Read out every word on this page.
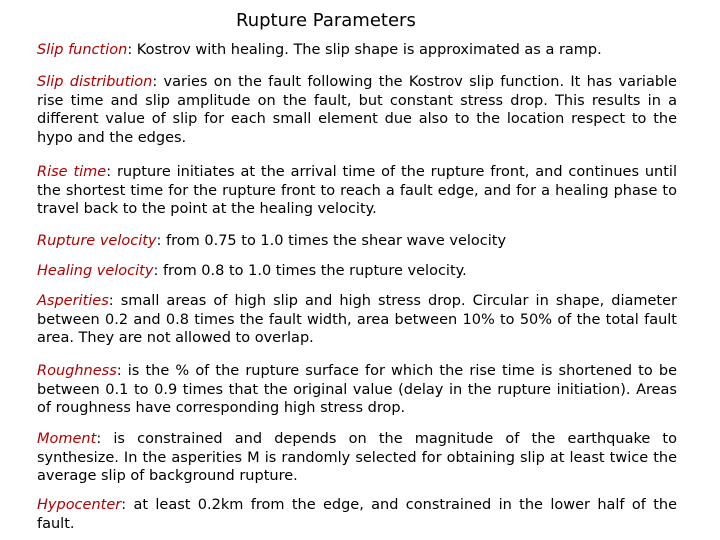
Rupture Parameters

Slip function: Kostrov with healing. The slip shape is approximated as a ramp.

Slip distribution: varies on the fault following the Kostrov slip function. It has variable rise time and slip amplitude on the fault, but constant stress drop. This results in a different value of slip for each small element due also to the location respect to the hypo and the edges.

Rise time: rupture initiates at the arrival time of the rupture front, and continues until the shortest time for the rupture front to reach a fault edge, and for a healing phase to travel back to the point at the healing velocity.

Rupture velocity: from 0.75 to 1.0 times the shear wave velocity

Healing velocity: from 0.8 to 1.0 times the rupture velocity.

Asperities: small areas of high slip and high stress drop. Circular in shape, diameter between 0.2 and 0.8 times the fault width, area between 10% to 50% of the total fault area. They are not allowed to overlap.

Roughness: is the % of the rupture surface for which the rise time is shortened to be between 0.1 to 0.9 times that the original value (delay in the rupture initiation). Areas of roughness have corresponding high stress drop.

Moment: is constrained and depends on the magnitude of the earthquake to synthesize. In the asperities M is randomly selected for obtaining slip at least twice the average slip of background rupture.

Hypocenter: at least 0.2km from the edge, and constrained in the lower half of the fault.
